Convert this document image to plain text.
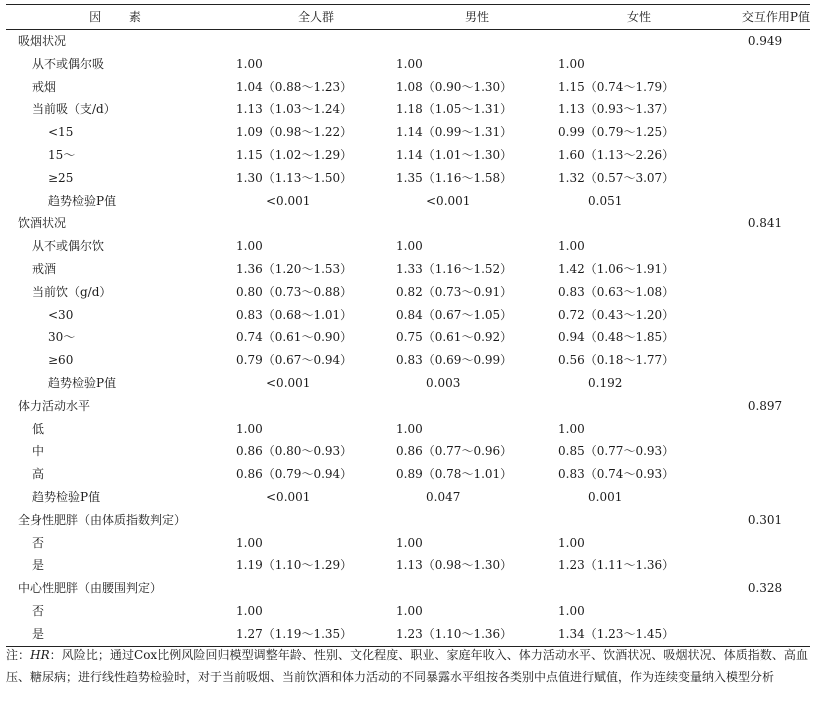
因 素	全人群	男性	女性	交互作用P值
吸烟状况				0.949
从不或偶尔吸	1.00	1.00	1.00	
戒烟	1.04（0.88～1.23）	1.08（0.90～1.30）	1.15（0.74～1.79）	
当前吸（支/d）	1.13（1.03～1.24）	1.18（1.05～1.31）	1.13（0.93～1.37）	
<15	1.09（0.98～1.22）	1.14（0.99～1.31）	0.99（0.79～1.25）	
15～	1.15（1.02～1.29）	1.14（1.01～1.30）	1.60（1.13～2.26）	
≥25	1.30（1.13～1.50）	1.35（1.16～1.58）	1.32（0.57～3.07）	
趋势检验P值	<0.001	<0.001	0.051	
饮酒状况				0.841
从不或偶尔饮	1.00	1.00	1.00	
戒酒	1.36（1.20～1.53）	1.33（1.16～1.52）	1.42（1.06～1.91）	
当前饮（g/d）	0.80（0.73～0.88）	0.82（0.73～0.91）	0.83（0.63～1.08）	
<30	0.83（0.68～1.01）	0.84（0.67～1.05）	0.72（0.43～1.20）	
30～	0.74（0.61～0.90）	0.75（0.61～0.92）	0.94（0.48～1.85）	
≥60	0.79（0.67～0.94）	0.83（0.69～0.99）	0.56（0.18～1.77）	
趋势检验P值	<0.001	0.003	0.192	
体力活动水平				0.897
低	1.00	1.00	1.00	
中	0.86（0.80～0.93）	0.86（0.77～0.96）	0.85（0.77～0.93）	
高	0.86（0.79～0.94）	0.89（0.78～1.01）	0.83（0.74～0.93）	
趋势检验P值	<0.001	0.047	0.001	
全身性肥胖（由体质指数判定）				0.301
否	1.00	1.00	1.00	
是	1.19（1.10～1.29）	1.13（0.98～1.30）	1.23（1.11～1.36）	
中心性肥胖（由腰围判定）				0.328
否	1.00	1.00	1.00	
是	1.27（1.19～1.35）	1.23（1.10～1.36）	1.34（1.23～1.45）	
注：HR：风险比；通过Cox比例风险回归模型调整年龄、性别、文化程度、职业、家庭年收入、体力活动水平、饮酒状况、吸烟状况、体质指数、高血压、糖尿病；进行线性趋势检验时，对于当前吸烟、当前饮酒和体力活动的不同暴露水平组按各类别中点值进行赋值，作为连续变量纳入模型分析
